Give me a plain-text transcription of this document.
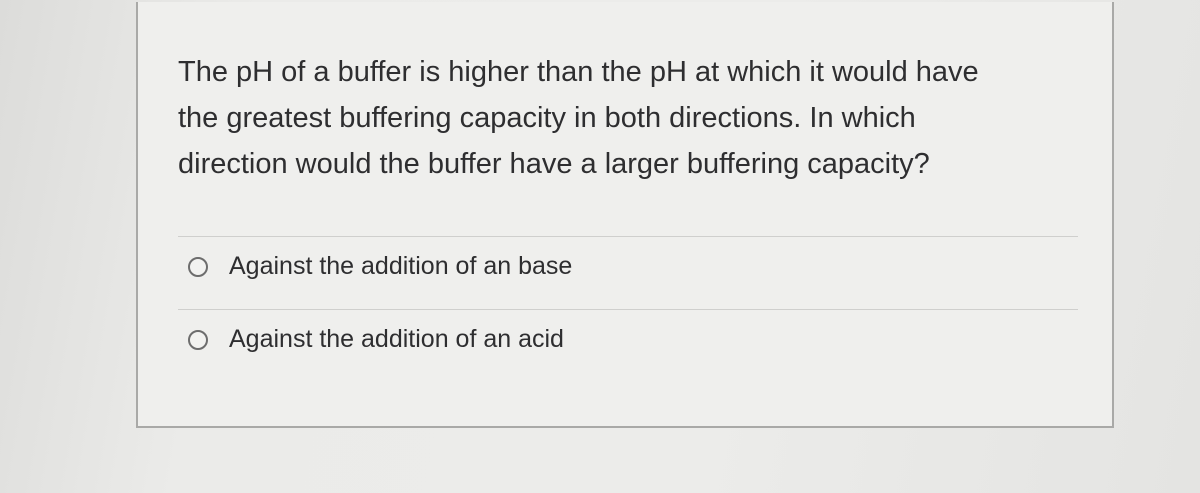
The pH of a buffer is higher than the pH at which it would have
the greatest buffering capacity in both directions. In which
direction would the buffer have a larger buffering capacity?
Against the addition of an base
Against the addition of an acid
